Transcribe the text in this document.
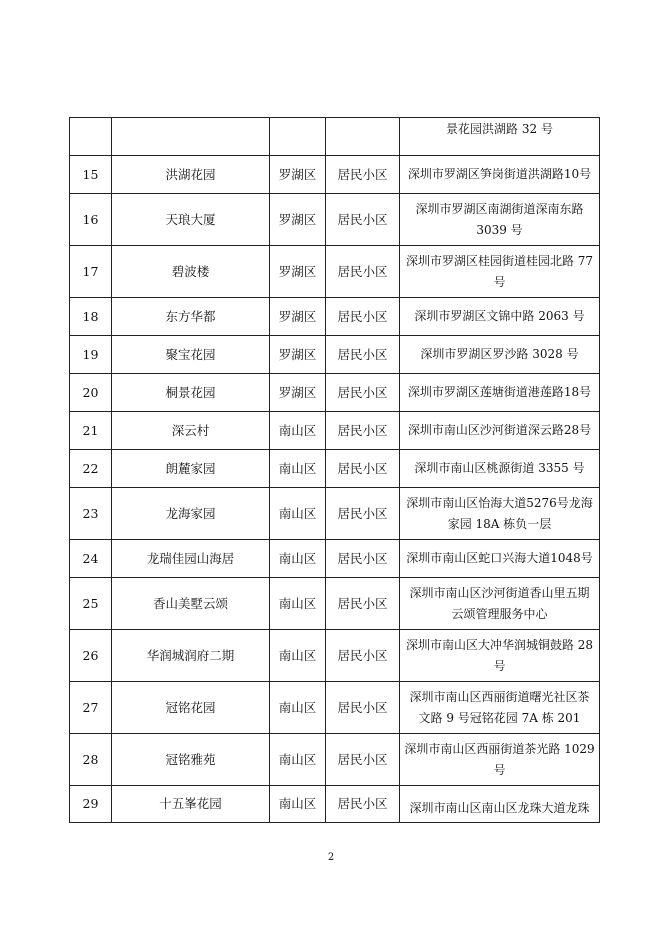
				景花园洪湖路 32 号
15	洪湖花园	罗湖区	居民小区	深圳市罗湖区笋岗街道洪湖路10号
16	天琅大厦	罗湖区	居民小区	深圳市罗湖区南湖街道深南东路 3039 号
17	碧波楼	罗湖区	居民小区	深圳市罗湖区桂园街道桂园北路 77 号
18	东方华都	罗湖区	居民小区	深圳市罗湖区文锦中路 2063 号
19	聚宝花园	罗湖区	居民小区	深圳市罗湖区罗沙路 3028 号
20	桐景花园	罗湖区	居民小区	深圳市罗湖区莲塘街道港莲路18号
21	深云村	南山区	居民小区	深圳市南山区沙河街道深云路28号
22	朗麓家园	南山区	居民小区	深圳市南山区桃源街道 3355 号
23	龙海家园	南山区	居民小区	深圳市南山区怡海大道5276号龙海家园 18A 栋负一层
24	龙瑞佳园山海居	南山区	居民小区	深圳市南山区蛇口兴海大道1048号
25	香山美墅云颂	南山区	居民小区	深圳市南山区沙河街道香山里五期云颂管理服务中心
26	华润城润府二期	南山区	居民小区	深圳市南山区大冲华润城铜鼓路 28 号
27	冠铭花园	南山区	居民小区	深圳市南山区西丽街道曙光社区茶文路 9 号冠铭花园 7A 栋 201
28	冠铭雅苑	南山区	居民小区	深圳市南山区西丽街道茶光路 1029 号
29	十五峯花园	南山区	居民小区	深圳市南山区南山区龙珠大道龙珠
2
